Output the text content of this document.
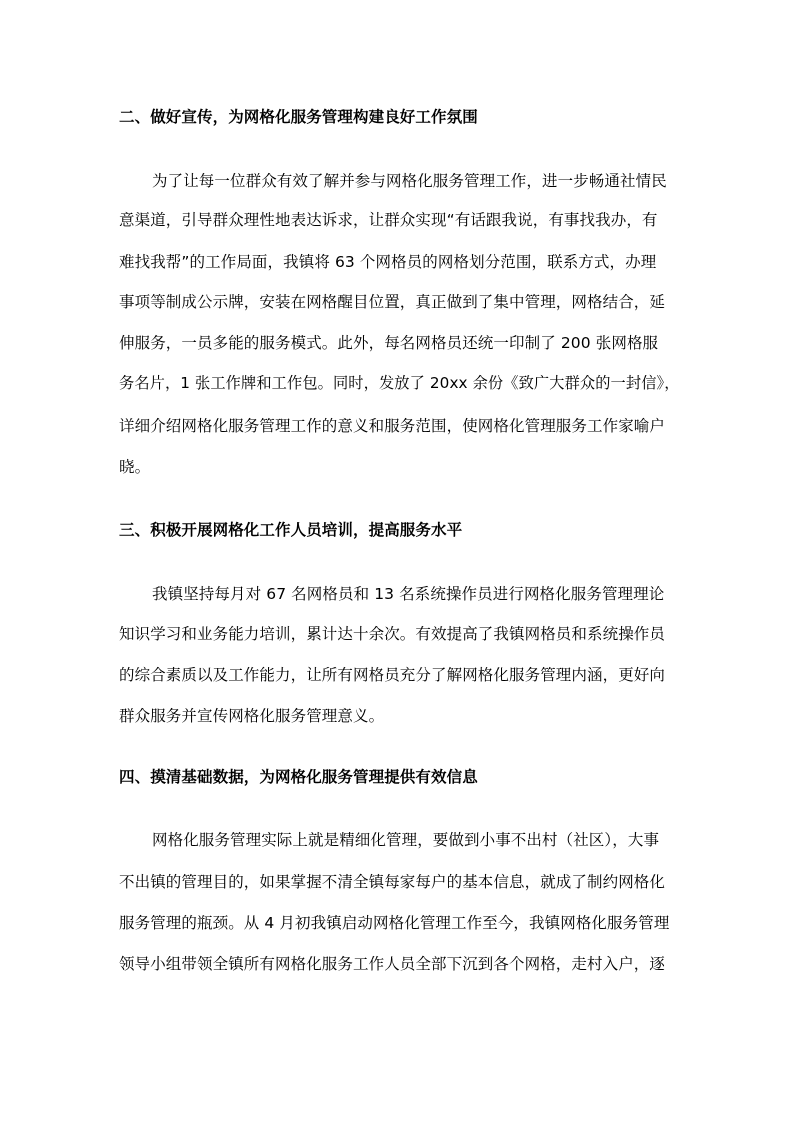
二、做好宣传，为网格化服务管理构建良好工作氛围
为了让每一位群众有效了解并参与网格化服务管理工作，进一步畅通社情民
意渠道，引导群众理性地表达诉求，让群众实现“有话跟我说，有事找我办，有
难找我帮”的工作局面，我镇将 63 个网格员的网格划分范围，联系方式，办理
事项等制成公示牌，安装在网格醒目位置，真正做到了集中管理，网格结合，延
伸服务，一员多能的服务模式。此外，每名网格员还统一印制了 200 张网格服
务名片，1 张工作牌和工作包。同时，发放了 20xx 余份《致广大群众的一封信》，
详细介绍网格化服务管理工作的意义和服务范围，使网格化管理服务工作家喻户
晓。
三、积极开展网格化工作人员培训，提高服务水平
我镇坚持每月对 67 名网格员和 13 名系统操作员进行网格化服务管理理论
知识学习和业务能力培训，累计达十余次。有效提高了我镇网格员和系统操作员
的综合素质以及工作能力，让所有网格员充分了解网格化服务管理内涵，更好向
群众服务并宣传网格化服务管理意义。
四、摸清基础数据，为网格化服务管理提供有效信息
网格化服务管理实际上就是精细化管理，要做到小事不出村（社区），大事
不出镇的管理目的，如果掌握不清全镇每家每户的基本信息，就成了制约网格化
服务管理的瓶颈。从 4 月初我镇启动网格化管理工作至今，我镇网格化服务管理
领导小组带领全镇所有网格化服务工作人员全部下沉到各个网格，走村入户，逐
